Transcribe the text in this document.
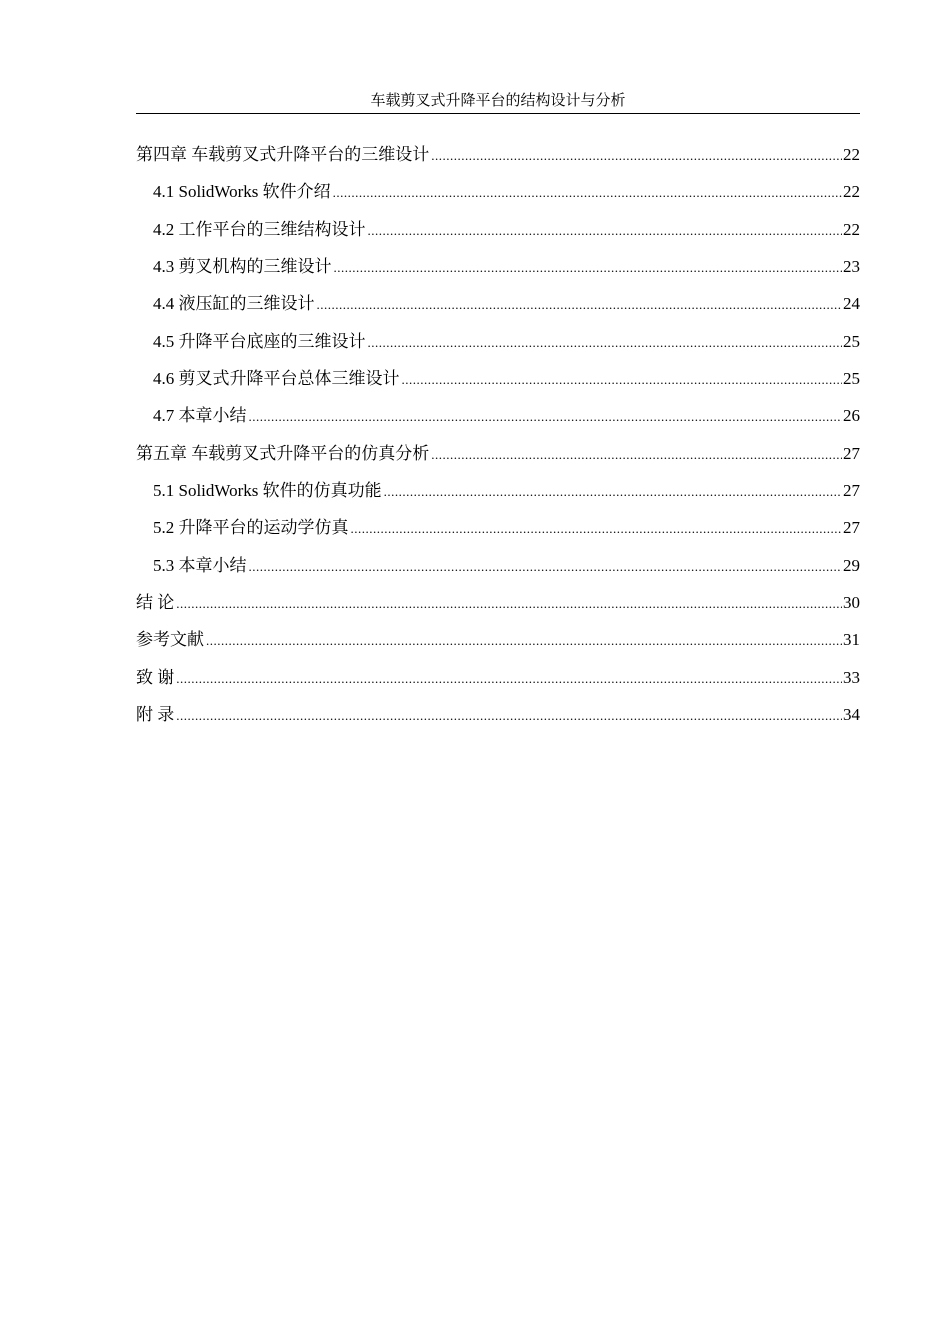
车载剪叉式升降平台的结构设计与分析
第四章 车载剪叉式升降平台的三维设计 .....	22
4.1 SolidWorks 软件介绍 .....	22
4.2 工作平台的三维结构设计 .....	22
4.3 剪叉机构的三维设计 .....	23
4.4 液压缸的三维设计 .....	24
4.5 升降平台底座的三维设计 .....	25
4.6 剪叉式升降平台总体三维设计 .....	25
4.7 本章小结 .....	26
第五章 车载剪叉式升降平台的仿真分析 .....	27
5.1 SolidWorks 软件的仿真功能 .....	27
5.2 升降平台的运动学仿真 .....	27
5.3 本章小结 .....	29
结 论 .....	30
参考文献 .....	31
致 谢 .....	33
附 录 .....	34
